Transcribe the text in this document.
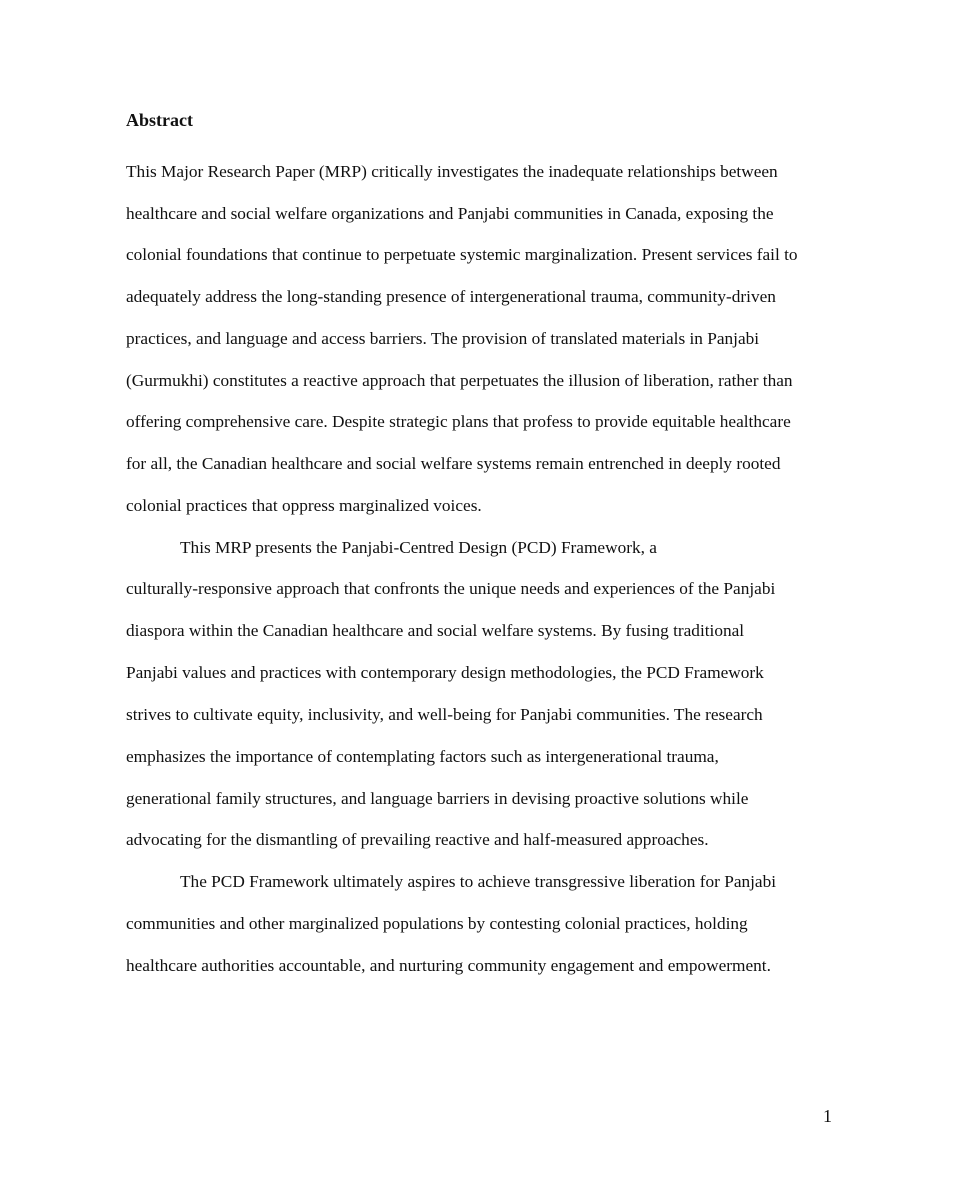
Abstract

This Major Research Paper (MRP) critically investigates the inadequate relationships between

healthcare and social welfare organizations and Panjabi communities in Canada, exposing the

colonial foundations that continue to perpetuate systemic marginalization. Present services fail to

adequately address the long-standing presence of intergenerational trauma, community-driven

practices, and language and access barriers. The provision of translated materials in Panjabi

(Gurmukhi) constitutes a reactive approach that perpetuates the illusion of liberation, rather than

offering comprehensive care. Despite strategic plans that profess to provide equitable healthcare

for all, the Canadian healthcare and social welfare systems remain entrenched in deeply rooted

colonial practices that oppress marginalized voices.

This MRP presents the Panjabi-Centred Design (PCD) Framework, a

culturally-responsive approach that confronts the unique needs and experiences of the Panjabi

diaspora within the Canadian healthcare and social welfare systems. By fusing traditional

Panjabi values and practices with contemporary design methodologies, the PCD Framework

strives to cultivate equity, inclusivity, and well-being for Panjabi communities. The research

emphasizes the importance of contemplating factors such as intergenerational trauma,

generational family structures, and language barriers in devising proactive solutions while

advocating for the dismantling of prevailing reactive and half-measured approaches.

The PCD Framework ultimately aspires to achieve transgressive liberation for Panjabi

communities and other marginalized populations by contesting colonial practices, holding

healthcare authorities accountable, and nurturing community engagement and empowerment.

1
